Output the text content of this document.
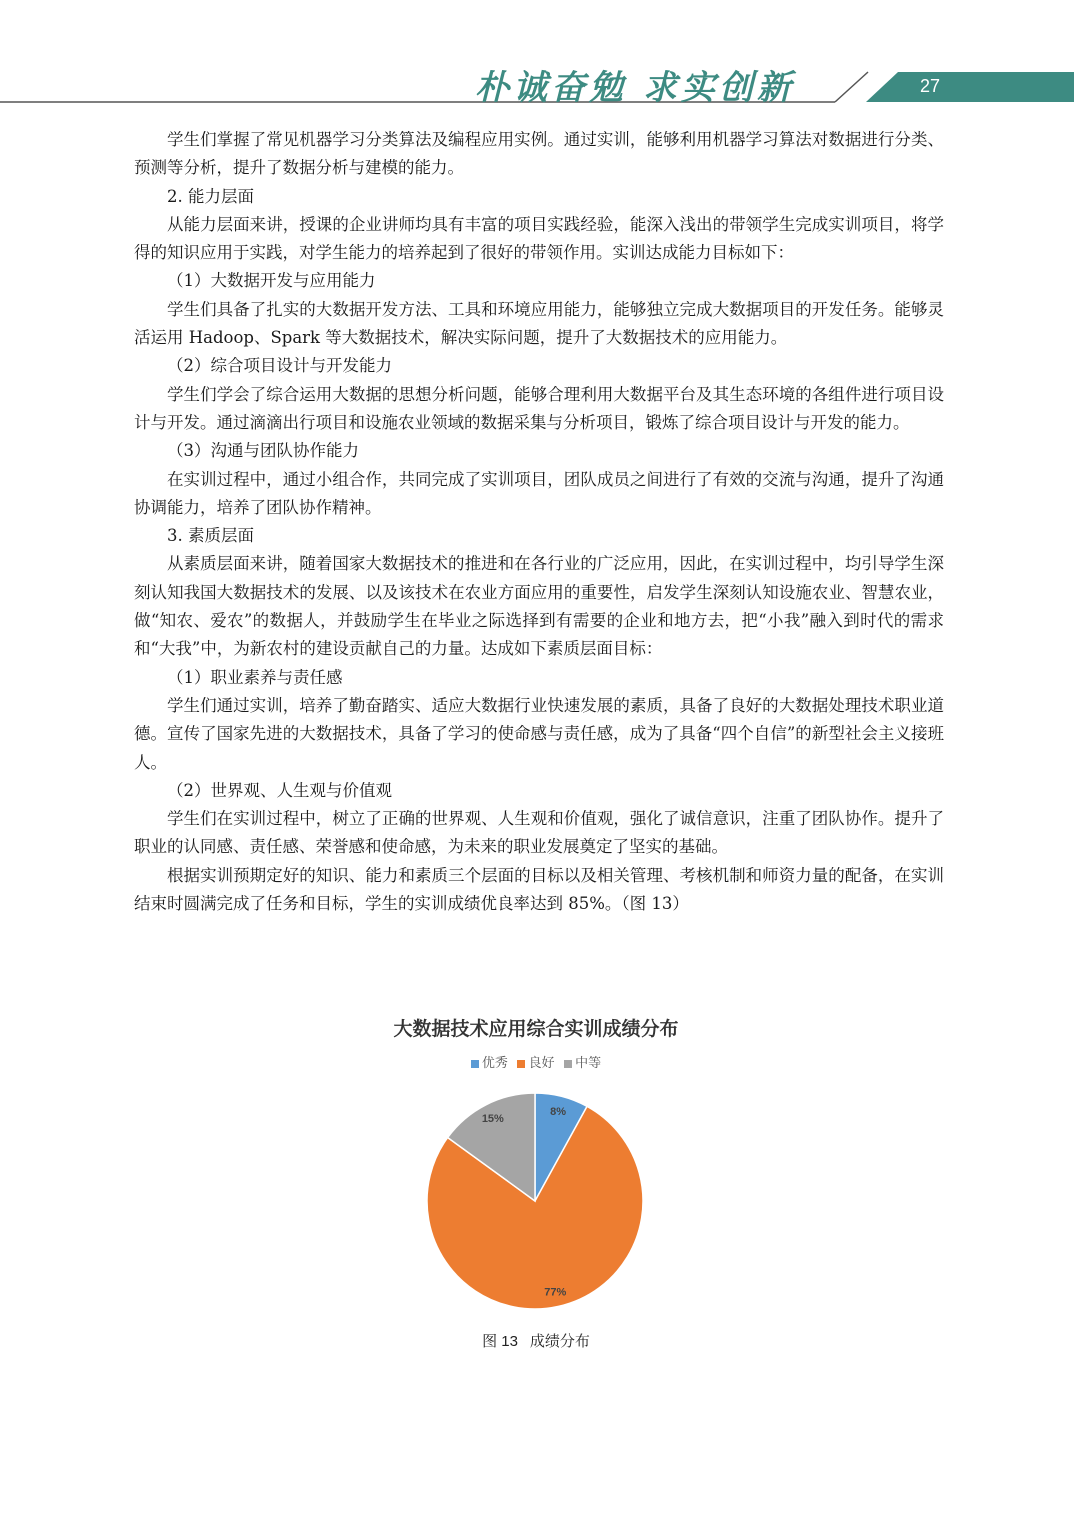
朴诚奋勉 求实创新	27

学生们掌握了常见机器学习分类算法及编程应用实例。通过实训，能够利用机器学习算法对数据进行分类、预测等分析，提升了数据分析与建模的能力。

2. 能力层面

从能力层面来讲，授课的企业讲师均具有丰富的项目实践经验，能深入浅出的带领学生完成实训项目，将学得的知识应用于实践，对学生能力的培养起到了很好的带领作用。实训达成能力目标如下：

（1）大数据开发与应用能力

学生们具备了扎实的大数据开发方法、工具和环境应用能力，能够独立完成大数据项目的开发任务。能够灵活运用 Hadoop、Spark 等大数据技术，解决实际问题，提升了大数据技术的应用能力。

（2）综合项目设计与开发能力

学生们学会了综合运用大数据的思想分析问题，能够合理利用大数据平台及其生态环境的各组件进行项目设计与开发。通过滴滴出行项目和设施农业领域的数据采集与分析项目，锻炼了综合项目设计与开发的能力。

（3）沟通与团队协作能力

在实训过程中，通过小组合作，共同完成了实训项目，团队成员之间进行了有效的交流与沟通，提升了沟通协调能力，培养了团队协作精神。

3. 素质层面

从素质层面来讲，随着国家大数据技术的推进和在各行业的广泛应用，因此，在实训过程中，均引导学生深刻认知我国大数据技术的发展、以及该技术在农业方面应用的重要性，启发学生深刻认知设施农业、智慧农业，做“知农、爱农”的数据人，并鼓励学生在毕业之际选择到有需要的企业和地方去，把“小我”融入到时代的需求和“大我”中，为新农村的建设贡献自己的力量。达成如下素质层面目标：

（1）职业素养与责任感

学生们通过实训，培养了勤奋踏实、适应大数据行业快速发展的素质，具备了良好的大数据处理技术职业道德。宣传了国家先进的大数据技术，具备了学习的使命感与责任感，成为了具备“四个自信”的新型社会主义接班人。

（2）世界观、人生观与价值观

学生们在实训过程中，树立了正确的世界观、人生观和价值观，强化了诚信意识，注重了团队协作。提升了职业的认同感、责任感、荣誉感和使命感，为未来的职业发展奠定了坚实的基础。

根据实训预期定好的知识、能力和素质三个层面的目标以及相关管理、考核机制和师资力量的配备，在实训结束时圆满完成了任务和目标，学生的实训成绩优良率达到 85%。（图 13）

大数据技术应用综合实训成绩分布
优秀 良好 中等
8%
77%
15%
图 13 成绩分布
